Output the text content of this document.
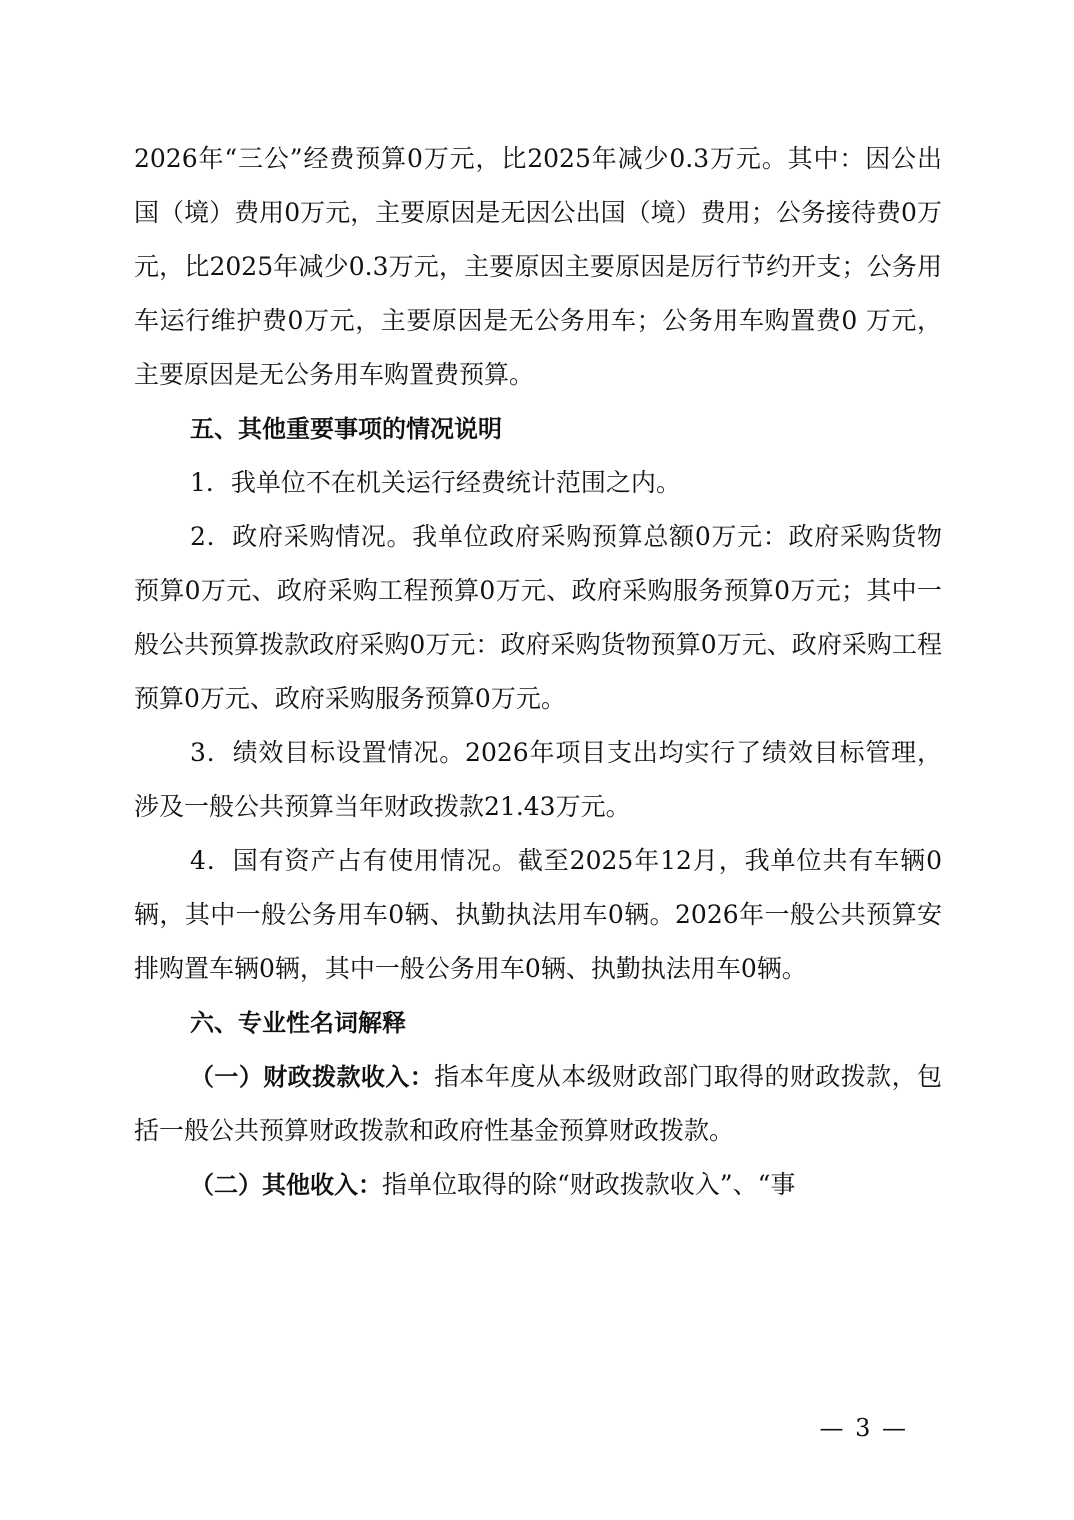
2026年“三公”经费预算0万元，比2025年减少0.3万元。其中：因公出国（境）费用0万元，主要原因是无因公出国（境）费用；公务接待费0万元，比2025年减少0.3万元，主要原因主要原因是厉行节约开支；公务用车运行维护费0万元，主要原因是无公务用车；公务用车购置费0 万元，主要原因是无公务用车购置费预算。

五、其他重要事项的情况说明

1．我单位不在机关运行经费统计范围之内。

2．政府采购情况。我单位政府采购预算总额0万元：政府采购货物预算0万元、政府采购工程预算0万元、政府采购服务预算0万元；其中一般公共预算拨款政府采购0万元：政府采购货物预算0万元、政府采购工程预算0万元、政府采购服务预算0万元。

3．绩效目标设置情况。2026年项目支出均实行了绩效目标管理，涉及一般公共预算当年财政拨款21.43万元。

4．国有资产占有使用情况。截至2025年12月，我单位共有车辆0辆，其中一般公务用车0辆、执勤执法用车0辆。2026年一般公共预算安排购置车辆0辆，其中一般公务用车0辆、执勤执法用车0辆。

六、专业性名词解释

（一）财政拨款收入：指本年度从本级财政部门取得的财政拨款，包括一般公共预算财政拨款和政府性基金预算财政拨款。

（二）其他收入：指单位取得的除“财政拨款收入”、“事

— 3 —
